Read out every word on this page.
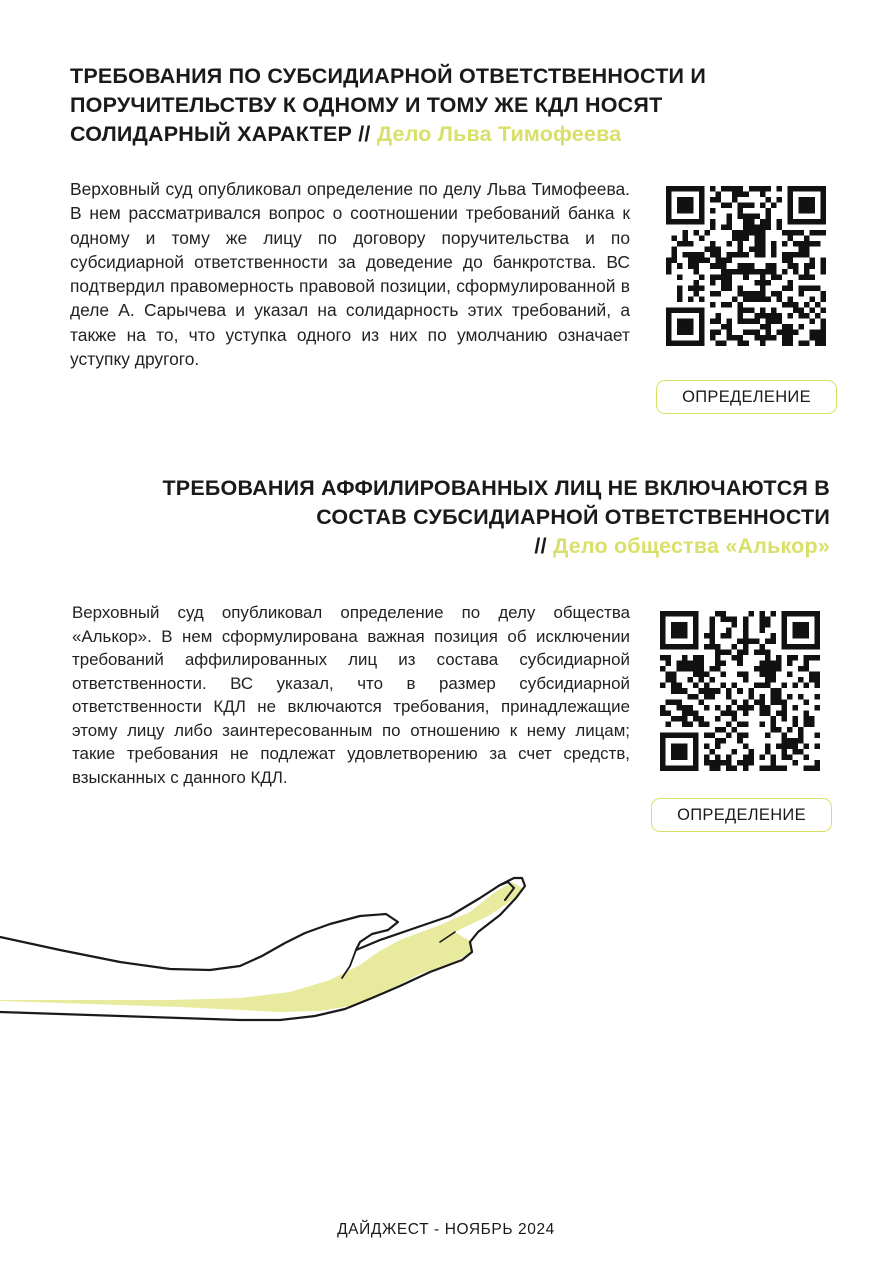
ТРЕБОВАНИЯ ПО СУБСИДИАРНОЙ ОТВЕТСТВЕННОСТИ И ПОРУЧИТЕЛЬСТВУ К ОДНОМУ И ТОМУ ЖЕ КДЛ НОСЯТ СОЛИДАРНЫЙ ХАРАКТЕР // Дело Льва Тимофеева

Верховный суд опубликовал определение по делу Льва Тимофеева. В нем рассматривался вопрос о соотношении требований банка к одному и тому же лицу по договору поручительства и по субсидиарной ответственности за доведение до банкротства. ВС подтвердил правомерность правовой позиции, сформулированной в деле А. Сарычева и указал на солидарность этих требований, а также на то, что уступка одного из них по умолчанию означает уступку другого.

ОПРЕДЕЛЕНИЕ
ТРЕБОВАНИЯ АФФИЛИРОВАННЫХ ЛИЦ НЕ ВКЛЮЧАЮТСЯ В СОСТАВ СУБСИДИАРНОЙ ОТВЕТСТВЕННОСТИ
// Дело общества «Алькор»

Верховный суд опубликовал определение по делу общества «Алькор». В нем сформулирована важная позиция об исключении требований аффилированных лиц из состава субсидиарной ответственности. ВС указал, что в размер субсидиарной ответственности КДЛ не включаются требования, принадлежащие этому лицу либо заинтересованным по отношению к нему лицам; такие требования не подлежат удовлетворению за счет средств, взысканных с данного КДЛ.

ОПРЕДЕЛЕНИЕ
ДАЙДЖЕСТ - НОЯБРЬ 2024
